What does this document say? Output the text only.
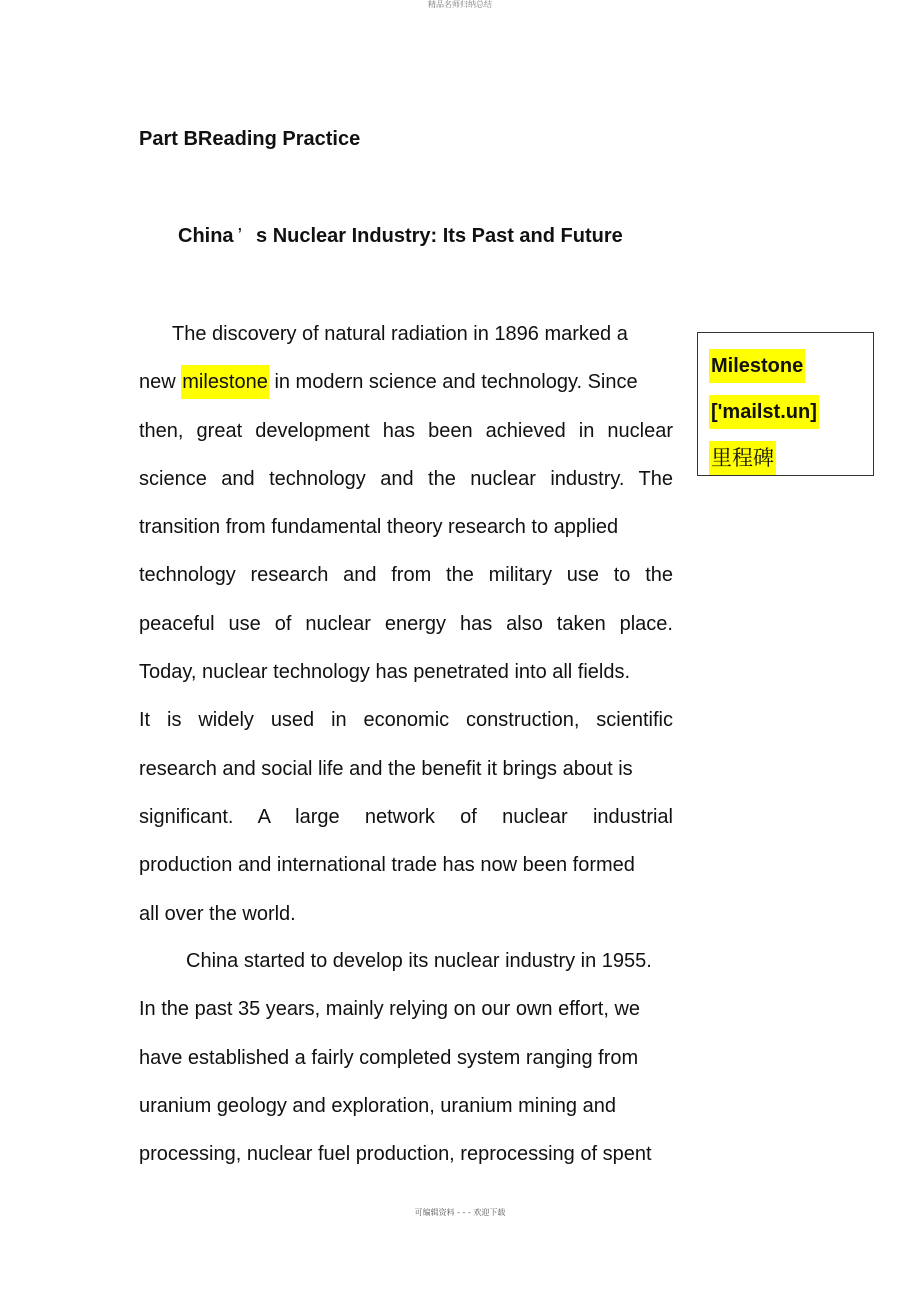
精品名师归纳总结
Part BReading Practice
China ’ s Nuclear Industry: Its Past and Future
The discovery of natural radiation in 1896 marked a
new milestone in modern science and technology. Since
then, great development has been achieved in nuclear
science and technology and the nuclear industry. The
transition from fundamental theory research to applied
technology research and from the military use to the
peaceful use of nuclear energy has also taken place.
Today, nuclear technology has penetrated into all fields.
It is widely used in economic construction, scientific
research and social life and the benefit it brings about is
significant. A large network of nuclear industrial
production and international trade has now been formed
all over the world.
China started to develop its nuclear industry in 1955.
In the past 35 years, mainly relying on our own effort, we
have established a fairly completed system ranging from
uranium geology and exploration, uranium mining and
processing, nuclear fuel production, reprocessing of spent
Milestone
['mailst.un]
里程碑
可编辑资料 - - - 欢迎下载
